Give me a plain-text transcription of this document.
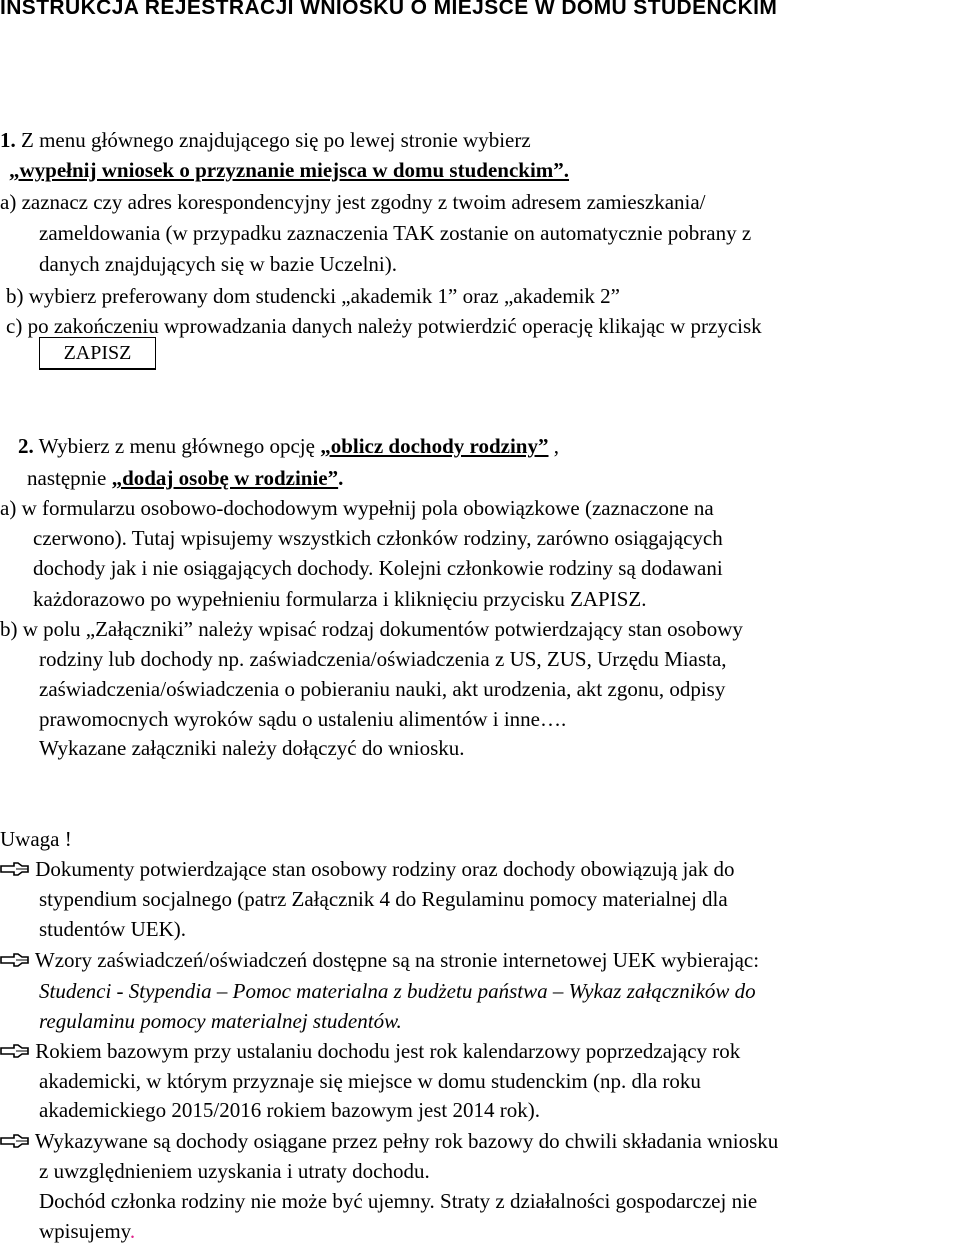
INSTRUKCJA REJESTRACJI WNIOSKU O MIEJSCE W DOMU STUDENCKIM
1. Z menu głównego znajdującego się po lewej stronie wybierz
„wypełnij wniosek o przyznanie miejsca w domu studenckim”.
a) zaznacz czy adres korespondencyjny jest zgodny z twoim adresem zamieszkania/
zameldowania (w przypadku zaznaczenia TAK zostanie on automatycznie pobrany z
danych znajdujących się w bazie Uczelni).
b) wybierz preferowany dom studencki „akademik 1” oraz „akademik 2”
c) po zakończeniu wprowadzania danych należy potwierdzić operację klikając w przycisk
ZAPISZ
2. Wybierz z menu głównego opcję „oblicz dochody rodziny” ,
następnie „dodaj osobę w rodzinie”.
a) w formularzu osobowo-dochodowym wypełnij pola obowiązkowe (zaznaczone na
czerwono). Tutaj wpisujemy wszystkich członków rodziny, zarówno osiągających
dochody jak i nie osiągających dochody. Kolejni członkowie rodziny są dodawani
każdorazowo po wypełnieniu formularza i kliknięciu przycisku ZAPISZ.
b) w polu „Załączniki” należy wpisać rodzaj dokumentów potwierdzający stan osobowy
rodziny lub dochody np. zaświadczenia/oświadczenia z US, ZUS, Urzędu Miasta,
zaświadczenia/oświadczenia o pobieraniu nauki, akt urodzenia, akt zgonu, odpisy
prawomocnych wyroków sądu o ustaleniu alimentów i inne….
Wykazane załączniki należy dołączyć do wniosku.
Uwaga !
Dokumenty potwierdzające stan osobowy rodziny oraz dochody obowiązują jak do
stypendium socjalnego (patrz Załącznik 4 do Regulaminu pomocy materialnej dla
studentów UEK).
Wzory zaświadczeń/oświadczeń dostępne są na stronie internetowej UEK wybierając:
Studenci - Stypendia – Pomoc materialna z budżetu państwa – Wykaz załączników do
regulaminu pomocy materialnej studentów.
Rokiem bazowym przy ustalaniu dochodu jest rok kalendarzowy poprzedzający rok
akademicki, w którym przyznaje się miejsce w domu studenckim (np. dla roku
akademickiego 2015/2016 rokiem bazowym jest 2014 rok).
Wykazywane są dochody osiągane przez pełny rok bazowy do chwili składania wniosku
z uwzględnieniem uzyskania i utraty dochodu.
Dochód członka rodziny nie może być ujemny. Straty z działalności gospodarczej nie
wpisujemy.
